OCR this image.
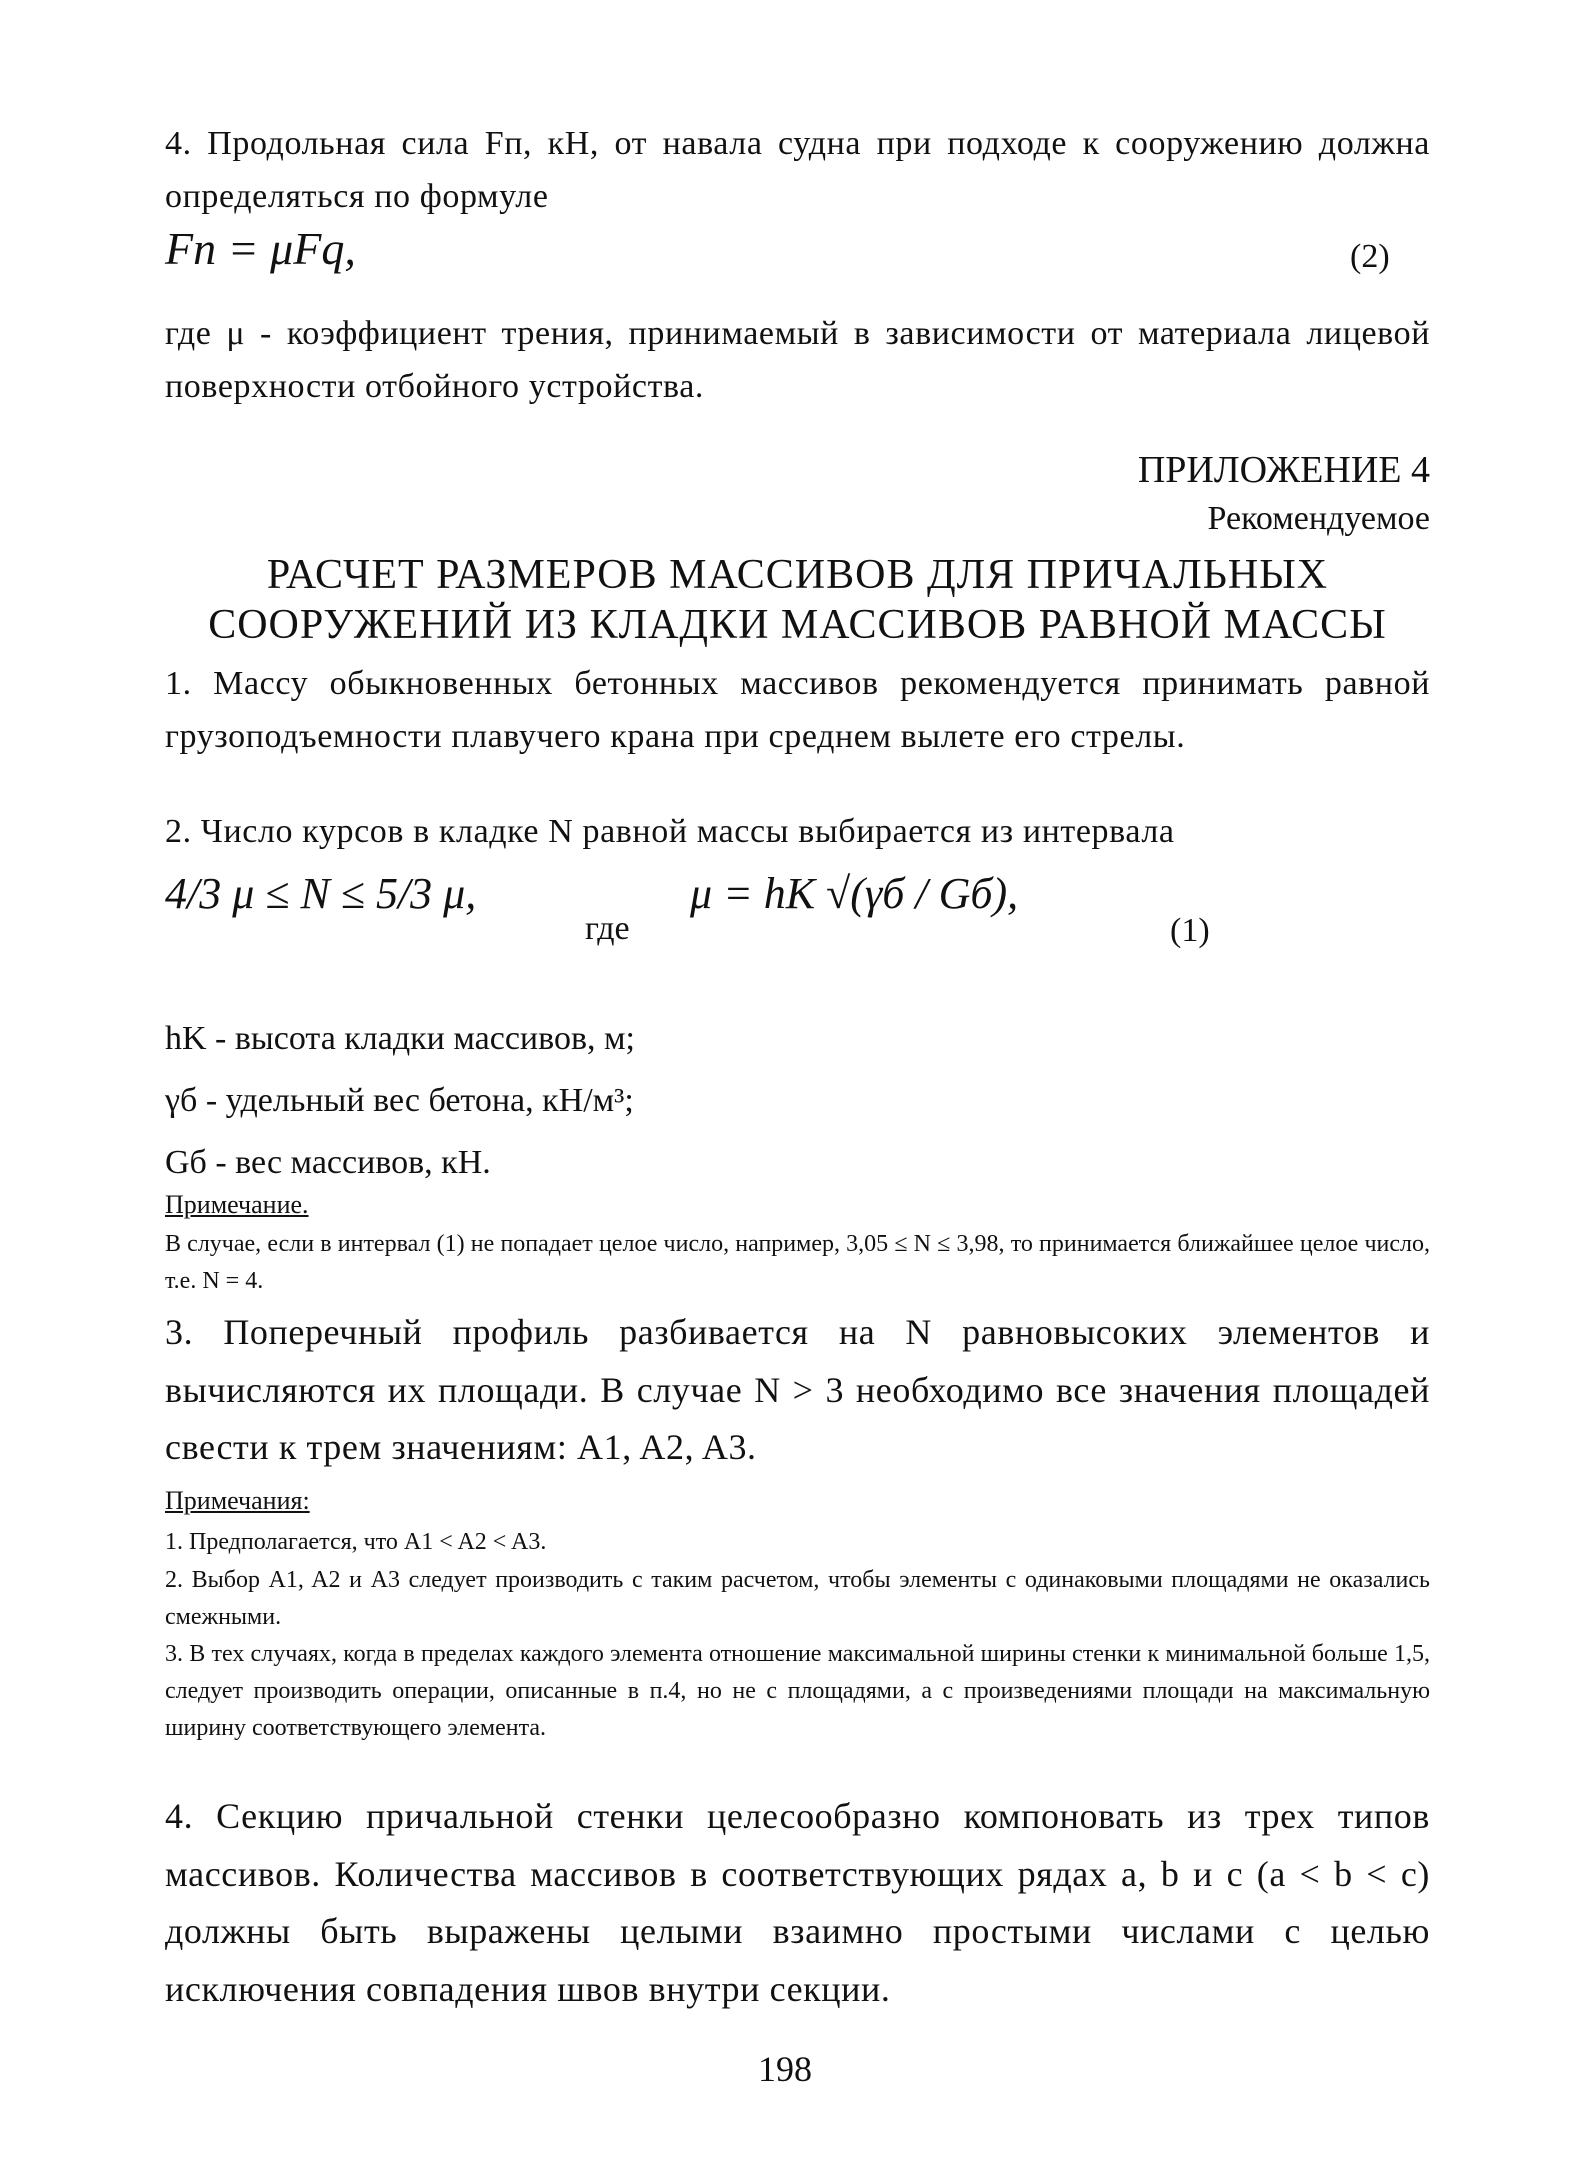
4. Продольная сила Fп, кН, от навала судна при подходе к сооружению должна определяться по формуле
Fп = μFq,	(2)
где μ - коэффициент трения, принимаемый в зависимости от материала лицевой поверхности отбойного устройства.
ПРИЛОЖЕНИЕ 4
Рекомендуемое
РАСЧЕТ РАЗМЕРОВ МАССИВОВ ДЛЯ ПРИЧАЛЬНЫХ
СООРУЖЕНИЙ ИЗ КЛАДКИ МАССИВОВ РАВНОЙ МАССЫ
1. Массу обыкновенных бетонных массивов рекомендуется принимать равной грузоподъемности плавучего крана при среднем вылете его стрелы.
2. Число курсов в кладке N равной массы выбирается из интервала
4/3 μ ≤ N ≤ 5/3 μ,
где
μ = hK √(γб / Gб),
(1)
hK - высота кладки массивов, м;
γб - удельный вес бетона, кН/м³;
Gб - вес массивов, кН.
Примечание.
В случае, если в интервал (1) не попадает целое число, например, 3,05 ≤ N ≤ 3,98, то принимается ближайшее целое число, т.е. N = 4.
3. Поперечный профиль разбивается на N равновысоких элементов и вычисляются их площади. В случае N > 3 необходимо все значения площадей свести к трем значениям: A1, A2, A3.
Примечания:
1. Предполагается, что A1 < A2 < A3.
2. Выбор A1, A2 и A3 следует производить с таким расчетом, чтобы элементы с одинаковыми площадями не оказались смежными.
3. В тех случаях, когда в пределах каждого элемента отношение максимальной ширины стенки к минимальной больше 1,5, следует производить операции, описанные в п.4, но не с площадями, а с произведениями площади на максимальную ширину соответствующего элемента.
4. Секцию причальной стенки целесообразно компоновать из трех типов массивов. Количества массивов в соответствующих рядах a, b и c (a < b < c) должны быть выражены целыми взаимно простыми числами с целью исключения совпадения швов внутри секции.
198
